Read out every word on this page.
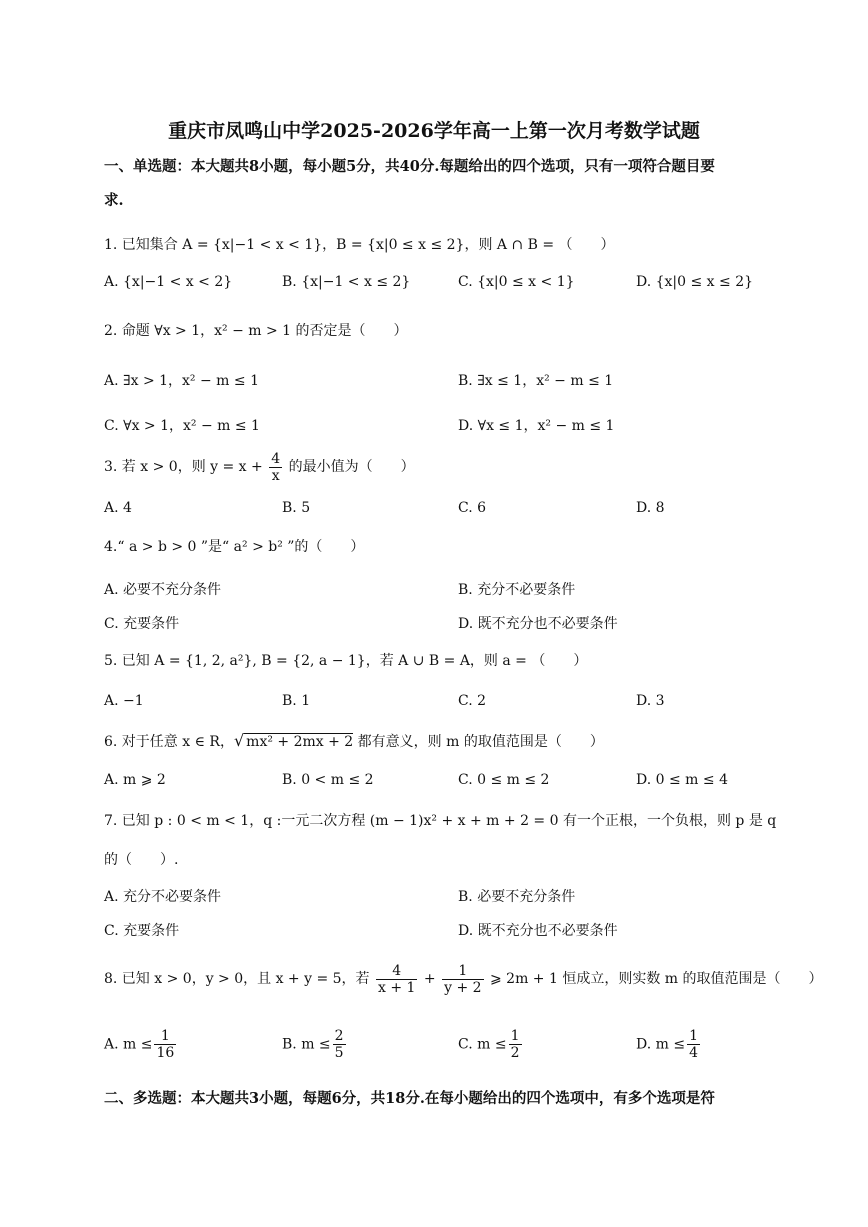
重庆市凤鸣山中学2025-2026学年高一上第一次月考数学试题
一、单选题：本大题共8小题，每小题5分，共40分.每题给出的四个选项，只有一项符合题目要
求.
1. 已知集合 A = {x|−1 < x < 1}，B = {x|0 ≤ x ≤ 2}，则 A ∩ B = （　　）
A. {x|−1 < x < 2}	B. {x|−1 < x ≤ 2}	C. {x|0 ≤ x < 1}	D. {x|0 ≤ x ≤ 2}
2. 命题 ∀x > 1，x² − m > 1 的否定是（　　）
A. ∃x > 1，x² − m ≤ 1	B. ∃x ≤ 1，x² − m ≤ 1
C. ∀x > 1，x² − m ≤ 1	D. ∀x ≤ 1，x² − m ≤ 1
3. 若 x > 0，则 $y = x + \frac{4}{x}$ 的最小值为（　　）
A. 4	B. 5	C. 6	D. 8
4.“ a > b > 0 ”是“ a² > b² ”的（　　）
A. 必要不充分条件	B. 充分不必要条件
C. 充要条件	D. 既不充分也不必要条件
5. 已知 A = {1, 2, a²}, B = {2, a − 1}，若 A ∪ B = A，则 a = （　　）
A. −1	B. 1	C. 2	D. 3
6. 对于任意 x ∈ R，√ mx² + 2mx + 2 都有意义，则 m 的取值范围是（　　）
A. m ⩾ 2	B. 0 < m ≤ 2	C. 0 ≤ m ≤ 2	D. 0 ≤ m ≤ 4
7. 已知 p : 0 < m < 1，q :一元二次方程 (m − 1)x² + x + m + 2 = 0 有一个正根，一个负根，则 p 是 q
的（　　）.
A. 充分不必要条件	B. 必要不充分条件
C. 充要条件	D. 既不充分也不必要条件
8. 已知 x > 0，y > 0，且 x + y = 5，若 $\frac{4}{x + 1} + \frac{1}{y + 2}$ ⩾ 2m + 1 恒成立，则实数 m 的取值范围是（　　）
A. $m \le \frac{1}{16}$	B. $m \le \frac{2}{5}$	C. $m \le \frac{1}{2}$	D. $m \le \frac{1}{4}$
二、多选题：本大题共3小题，每题6分，共18分.在每小题给出的四个选项中，有多个选项是符
